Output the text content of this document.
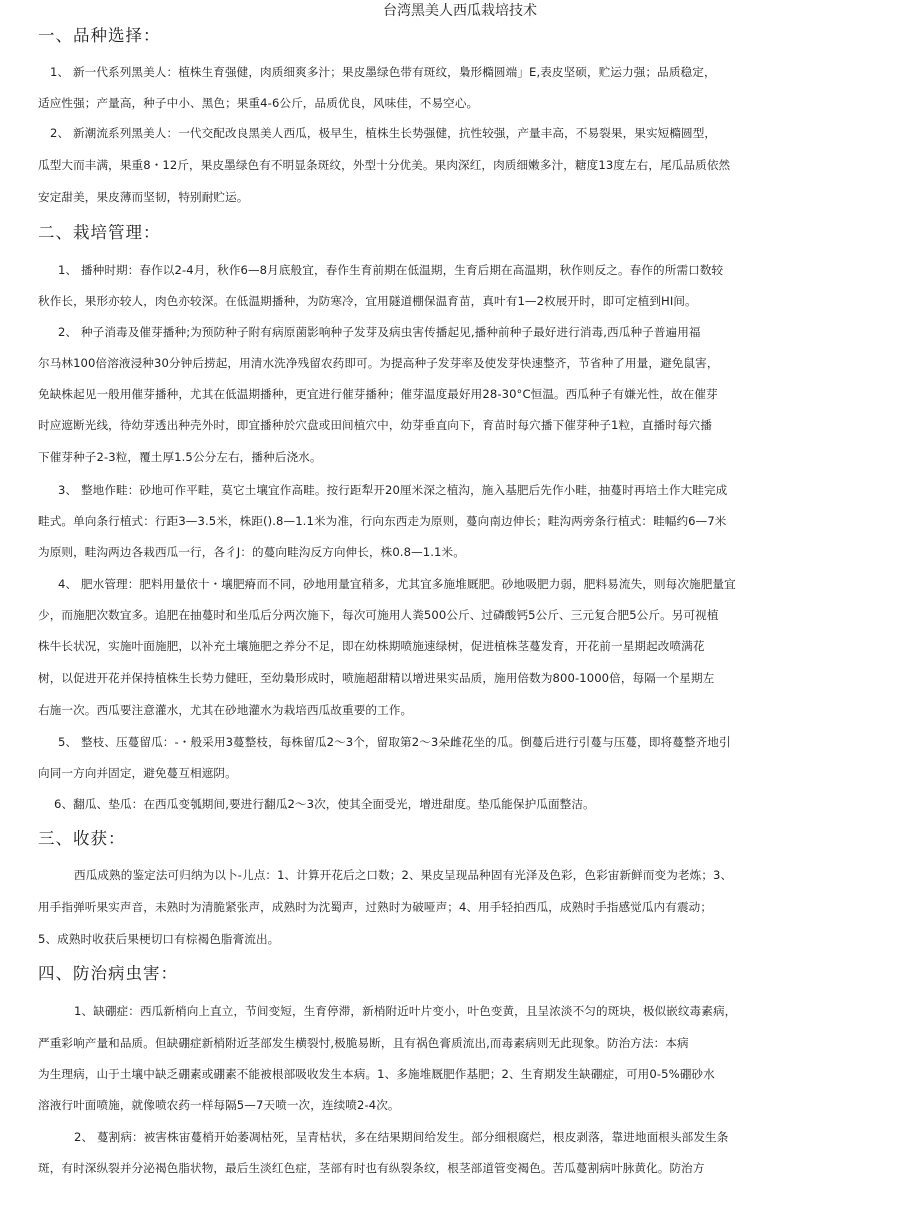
台湾黑美人西瓜栽培技术
一、品种选择：
1、 新一代系列黑美人：植株生育强健，肉质细爽多汁；果皮墨绿色带有斑纹，梟形橢圆端」E,表皮坚硕，贮运力强；品质稳定，
适应性强；产量高，种子中小、黑色；果重4-6公斤，品质优良，风味佳，不易空心。
2、 新潮流系列黑美人：一代交配改良黑美人西瓜，极早生，植株生长势强健，抗性较强，产量丰高，不易裂果，果实短橢圆型，
瓜型大而丰满，果重8・12斤，果皮墨绿色有不明显条斑纹，外型十分优美。果肉深红，肉质细嫩多汁，糖度13度左右，尾瓜品质依然
安定甜美，果皮薄而坚韧，特别耐贮运。
二、栽培管理：
1、 播种时期：春作以2-4月，秋作6—8月底般宜，春作生育前期在低温期，生育后期在高温期，秋作则反之。春作的所需口数较
秋作长，果形亦较人，肉色亦较深。在低温期播种，为防寒冷，宜用隧道棚保温育苗，真叶有1—2枚展开时，即可定植到HI间。
2、 种子消毒及催芽播种;为预防种子附有病原菌影响种子发芽及病虫害传播起见,播种前种子最好进行消毒,西瓜种子普遍用福
尔马林100倍溶液浸种30分钟后捞起，用清水洗净残留农药即可。为提高种子发芽率及使发芽快速整齐，节省种了用量，避免鼠害，
免缺株起见一般用催芽播种，尤其在低温期播种，更宜进行催芽播种；催芽温度最好用28-30°C恒温。西瓜种子有嫌光性，故在催芽
时应遮断光线，待幼芽透出种壳外时，即宜播种於穴盘或田间植穴中，幼芽垂直向下，育苗时每穴播下催芽种子1粒，直播时每穴播
下催芽种子2-3粒，覆土厚1.5公分左右，播种后浇水。
3、 整地作畦：砂地可作平畦，莫它土壤宜作高畦。按行距犁开20厘米深之植沟，施入基肥后先作小畦，抽蔓时再培土作大畦完成
畦式。单向条行植式：行距3—3.5米，株距().8—1.1米为准，行向东西走为原则，蔓向南边伸长；畦沟两旁条行植式：畦幅约6—7米
为原则，畦沟两边各栽西瓜一行，各彳J：的蔓向畦沟反方向伸长，株0.8—1.1米。
4、 肥水管理：肥料用量依十・壤肥瘠而不同，砂地用量宜稍多，尤其宜多施堆厩肥。砂地吸肥力弱，肥料易流失，则每次施肥量宜
少，而施肥次数宜多。追肥在抽蔓时和坐瓜后分两次施下，每次可施用人粪500公斤、过磷酸钙5公斤、三元复合肥5公斤。另可视植
株牛长状况，实施叶面施肥，以补充土壤施肥之养分不足，即在幼株期喷施速绿树，促进植株茎蔓发育，开花前一星期起改喷满花
树，以促进开花并保持植株生长势力健旺，至幼梟形成时，喷施超甜精以增进果实品质，施用倍数为800-1000倍，每隔一个星期左
右施一次。西瓜要注意灌水，尤其在砂地灌水为栽培西瓜故重要的工作。
5、 整枝、压蔓留瓜：-・般采用3蔓整枝，每株留瓜2～3个，留取第2～3朵雌花坐的瓜。倒蔓后进行引蔓与压蔓，即将蔓整齐地引
向同一方向并固定，避免蔓互相遮阴。
6、翻瓜、垫瓜：在西瓜变瓠期间,要进行翻瓜2～3次，使其全面受光，增进甜度。垫瓜能保护瓜面整洁。
三、收获：
西瓜成熟的鉴定法可归纳为以卜-儿点：1、计算开花后之口数；2、果皮呈现品种固有光泽及色彩，色彩宙新鲜而变为老炼；3、
用手指弹听果实声音，未熟时为清脆紧张声，成熟时为沈蜀声，过熟时为破哑声；4、用手轻拍西瓜，成熟时手指感觉瓜内有震动；
5、成熟时收获后果梗切口有棕褐色脂膏流出。
四、防治病虫害：
1、缺硼症：西瓜新梢向上直立，节间变短，生育停滞，新梢附近叶片变小，叶色变黄，且呈浓淡不匀的斑块，极似嵌纹毒素病，
严重彩响产量和品质。但缺硼症新梢附近茎部发生横裂忖,极脆易断，且有祸色膏质流出,而毒素病则无此现象。防治方法：本病
为生理病，山于土壤中缺乏硼素或硼素不能被根部吸收发生本病。1、多施堆厩肥作基肥；2、生育期发生缺硼症，可用0-5%硼砂水
溶液行叶面喷施，就像喷农药一样每隔5—7天喷一次，连续喷2-4次。
2、 蔓割病：被害株宙蔓梢开始萎凋枯死，呈青枯状，多在结果期间给发生。部分细根腐烂，根皮剥落，靠进地面根头部发生条
斑，有时深纵裂并分泌褐色脂状物，最后生淡红色症，茎部有时也有纵裂条纹，根茎部道管变褐色。苦瓜蔓割病叶脉黄化。防治方
